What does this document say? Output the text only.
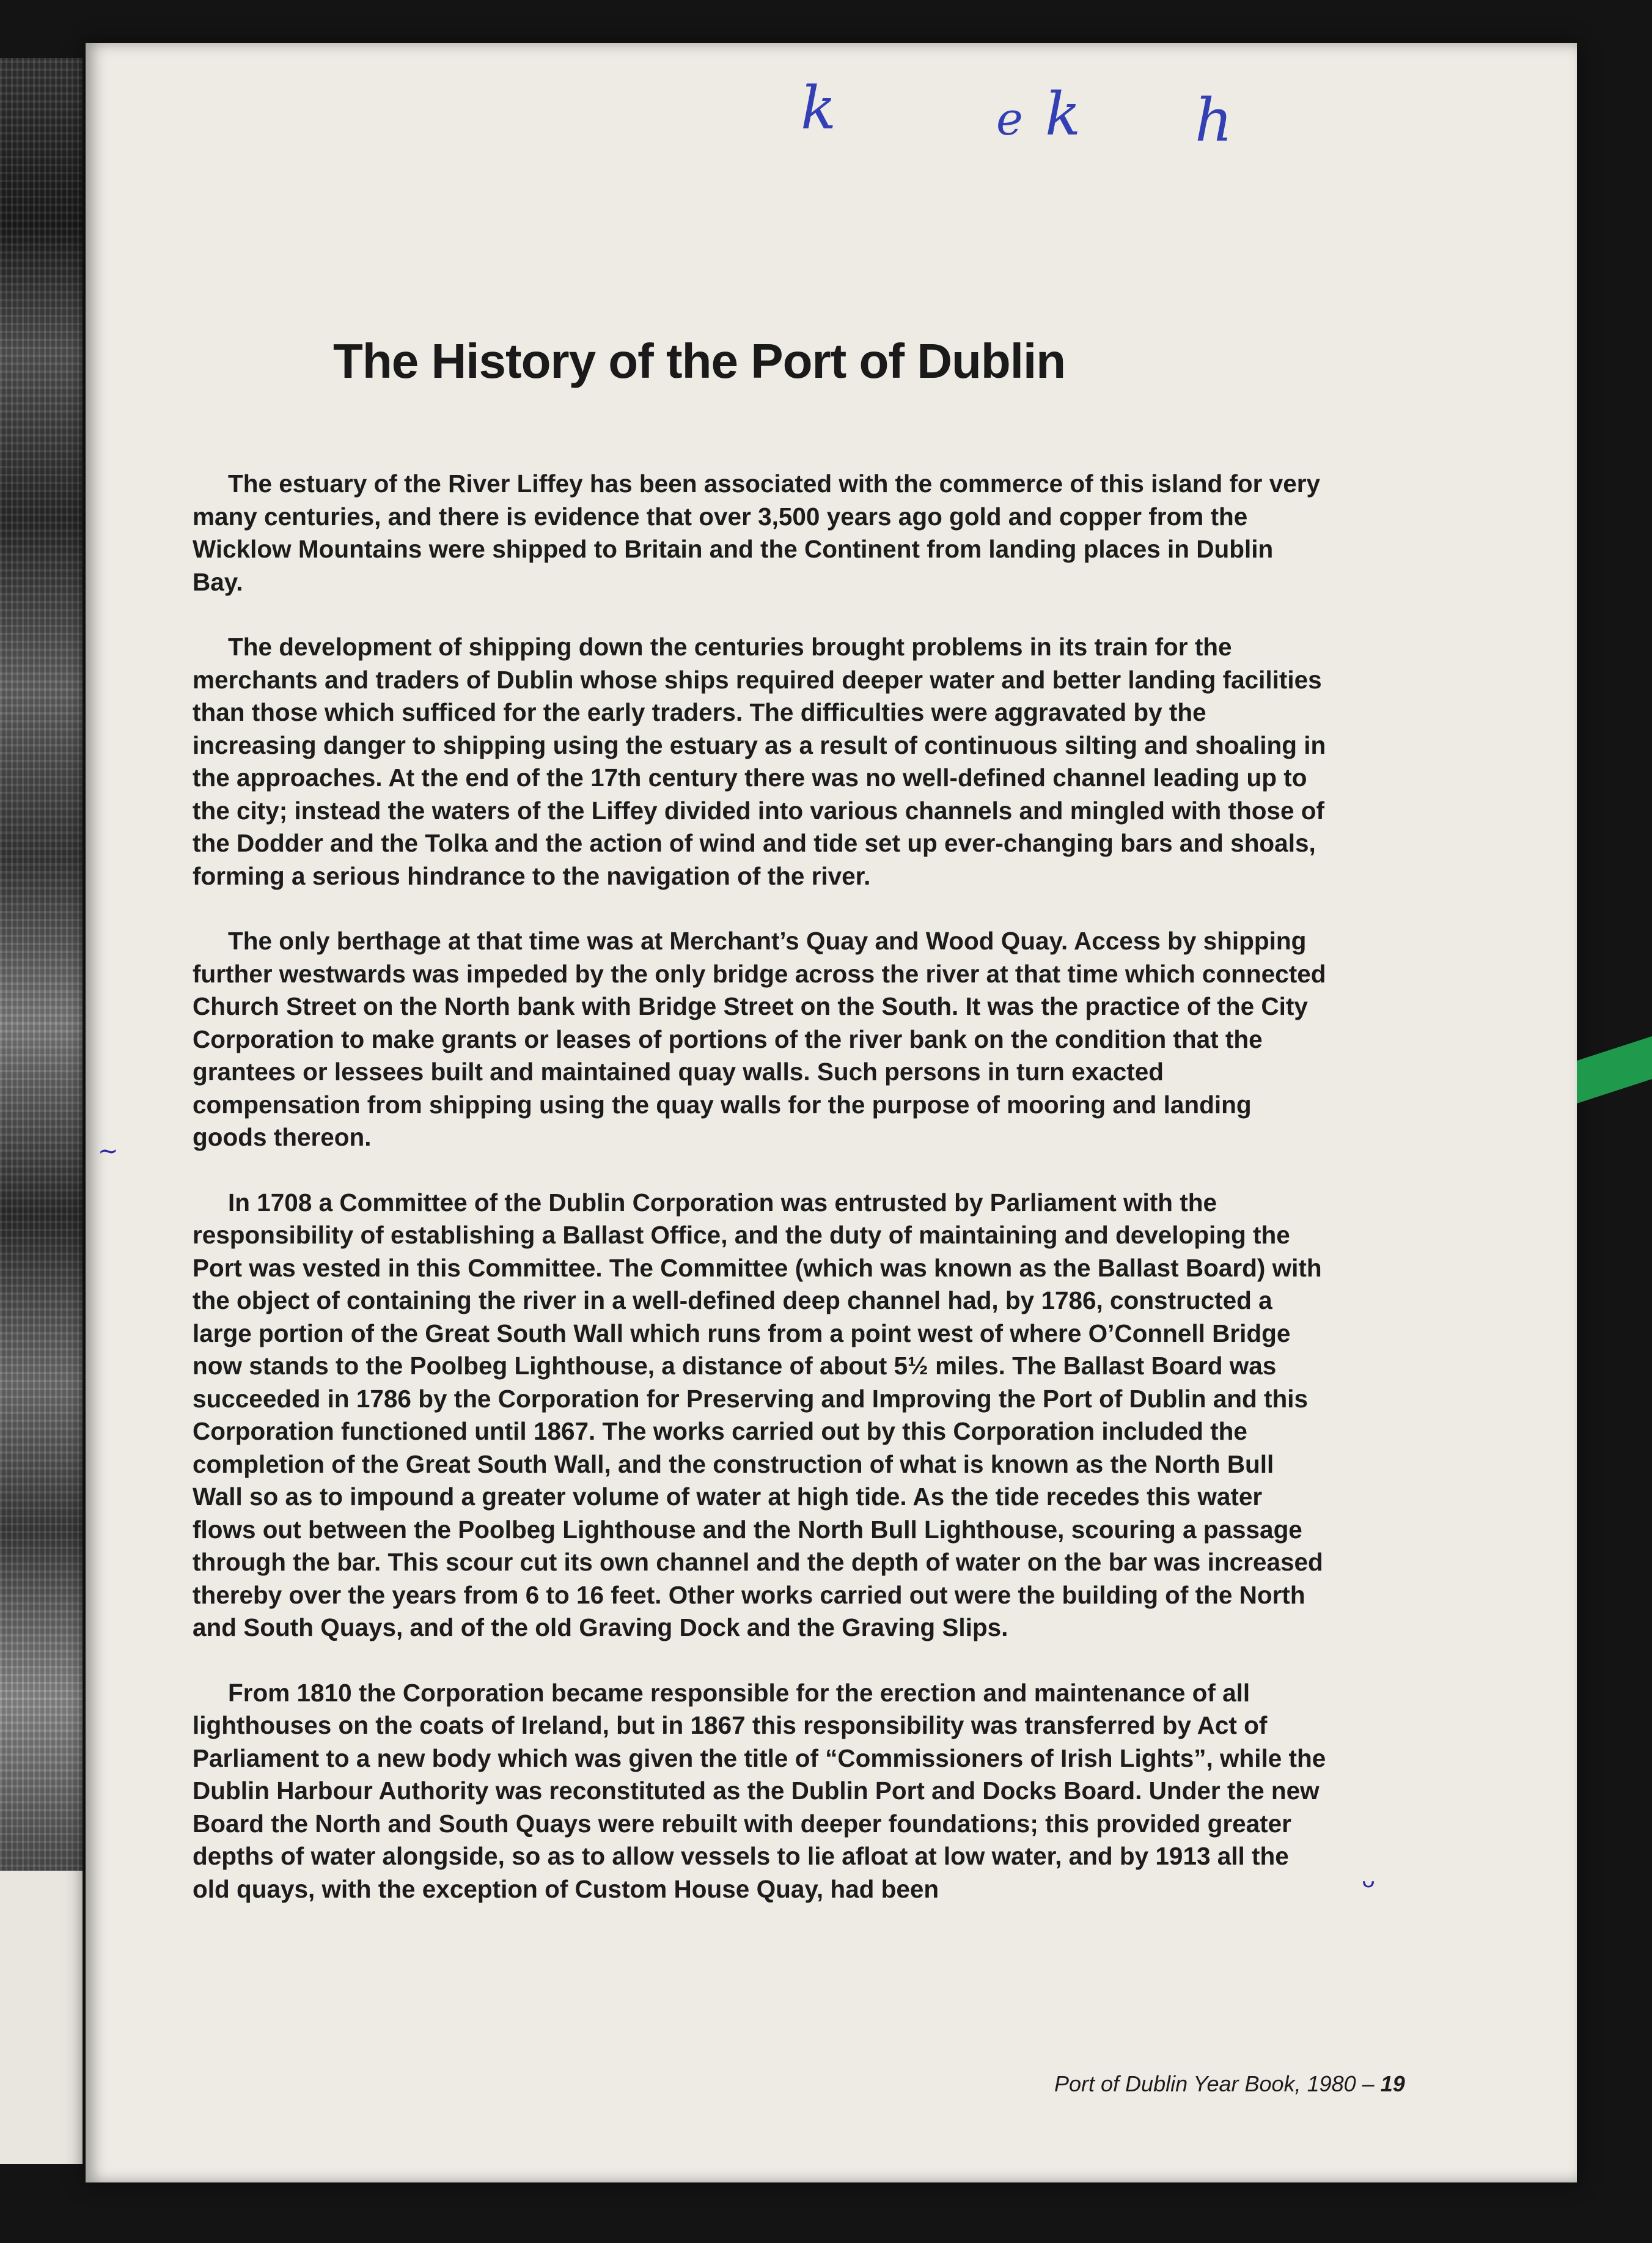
k	e k h
The History of the Port of Dublin

The estuary of the River Liffey has been associated with the commerce of this island for very many centuries, and there is evidence that over 3,500 years ago gold and copper from the Wicklow Mountains were shipped to Britain and the Continent from landing places in Dublin Bay.

The development of shipping down the centuries brought problems in its train for the merchants and traders of Dublin whose ships required deeper water and better landing facilities than those which sufficed for the early traders. The difficulties were aggravated by the increasing danger to shipping using the estuary as a result of continuous silting and shoaling in the approaches. At the end of the 17th century there was no well-defined channel leading up to the city; instead the waters of the Liffey divided into various channels and mingled with those of the Dodder and the Tolka and the action of wind and tide set up ever-changing bars and shoals, forming a serious hindrance to the navigation of the river.

The only berthage at that time was at Merchant’s Quay and Wood Quay. Access by shipping further westwards was impeded by the only bridge across the river at that time which connected Church Street on the North bank with Bridge Street on the South. It was the practice of the City Corporation to make grants or leases of portions of the river bank on the condition that the grantees or lessees built and maintained quay walls. Such persons in turn exacted compensation from shipping using the quay walls for the purpose of mooring and landing goods thereon.

In 1708 a Committee of the Dublin Corporation was entrusted by Parliament with the responsibility of establishing a Ballast Office, and the duty of maintaining and developing the Port was vested in this Committee. The Committee (which was known as the Ballast Board) with the object of containing the river in a well-defined deep channel had, by 1786, constructed a large portion of the Great South Wall which runs from a point west of where O’Connell Bridge now stands to the Poolbeg Lighthouse, a distance of about 5½ miles. The Ballast Board was succeeded in 1786 by the Corporation for Preserving and Improving the Port of Dublin and this Corporation functioned until 1867. The works carried out by this Corporation included the completion of the Great South Wall, and the construction of what is known as the North Bull Wall so as to impound a greater volume of water at high tide. As the tide recedes this water flows out between the Poolbeg Lighthouse and the North Bull Lighthouse, scouring a passage through the bar. This scour cut its own channel and the depth of water on the bar was increased thereby over the years from 6 to 16 feet. Other works carried out were the building of the North and South Quays, and of the old Graving Dock and the Graving Slips.

From 1810 the Corporation became responsible for the erection and maintenance of all lighthouses on the coats of Ireland, but in 1867 this responsibility was transferred by Act of Parliament to a new body which was given the title of “Commissioners of Irish Lights”, while the Dublin Harbour Authority was reconstituted as the Dublin Port and Docks Board. Under the new Board the North and South Quays were rebuilt with deeper foundations; this provided greater depths of water alongside, so as to allow vessels to lie afloat at low water, and by 1913 all the old quays, with the exception of Custom House Quay, had been

Port of Dublin Year Book, 1980 – 19
~
ᴗ
